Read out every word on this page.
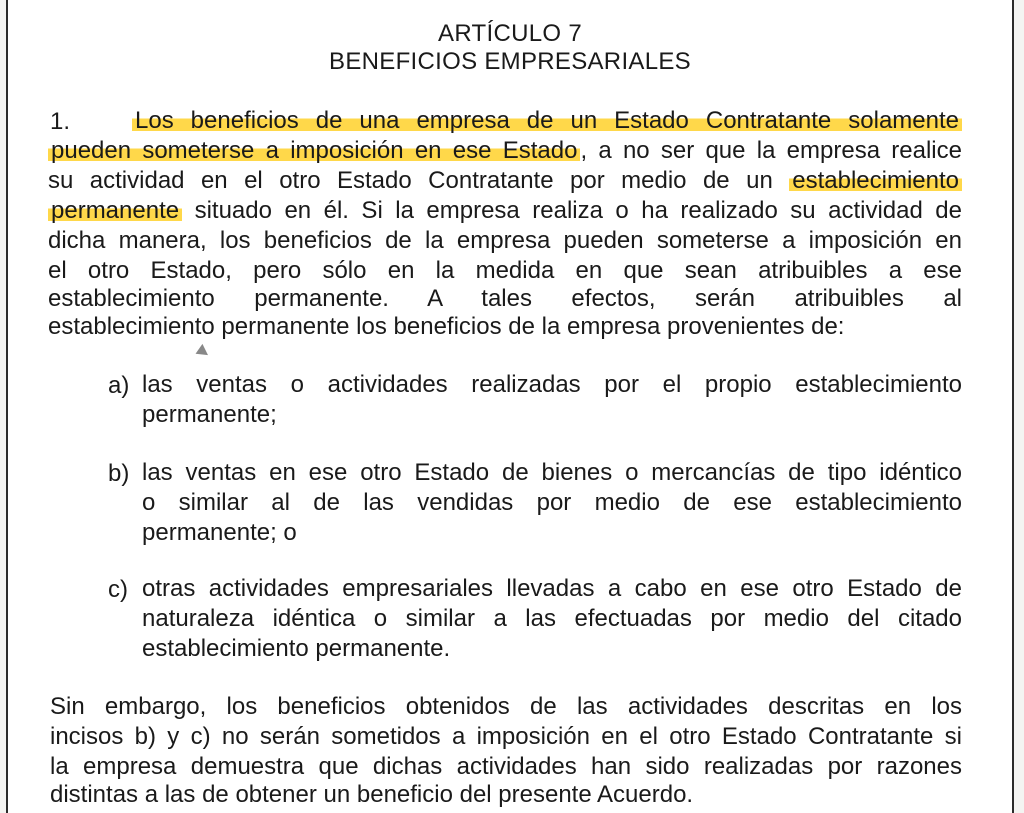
ARTÍCULO 7
BENEFICIOS EMPRESARIALES
1.	Los beneficios de una empresa de un Estado Contratante solamente
pueden someterse a imposición en ese Estado , a no ser que la empresa realice
su actividad en el otro Estado Contratante por medio de un establecimiento
permanente situado en él. Si la empresa realiza o ha realizado su actividad de
dicha manera, los beneficios de la empresa pueden someterse a imposición en
el otro Estado, pero sólo en la medida en que sean atribuibles a ese
establecimiento permanente. A tales efectos, serán atribuibles al
establecimiento permanente los beneficios de la empresa provenientes de:
a) las ventas o actividades realizadas por el propio establecimiento
permanente;
b) las ventas en ese otro Estado de bienes o mercancías de tipo idéntico
o similar al de las vendidas por medio de ese establecimiento
permanente; o
c) otras actividades empresariales llevadas a cabo en ese otro Estado de
naturaleza idéntica o similar a las efectuadas por medio del citado
establecimiento permanente.
Sin embargo, los beneficios obtenidos de las actividades descritas en los
incisos b) y c) no serán sometidos a imposición en el otro Estado Contratante si
la empresa demuestra que dichas actividades han sido realizadas por razones
distintas a las de obtener un beneficio del presente Acuerdo.
